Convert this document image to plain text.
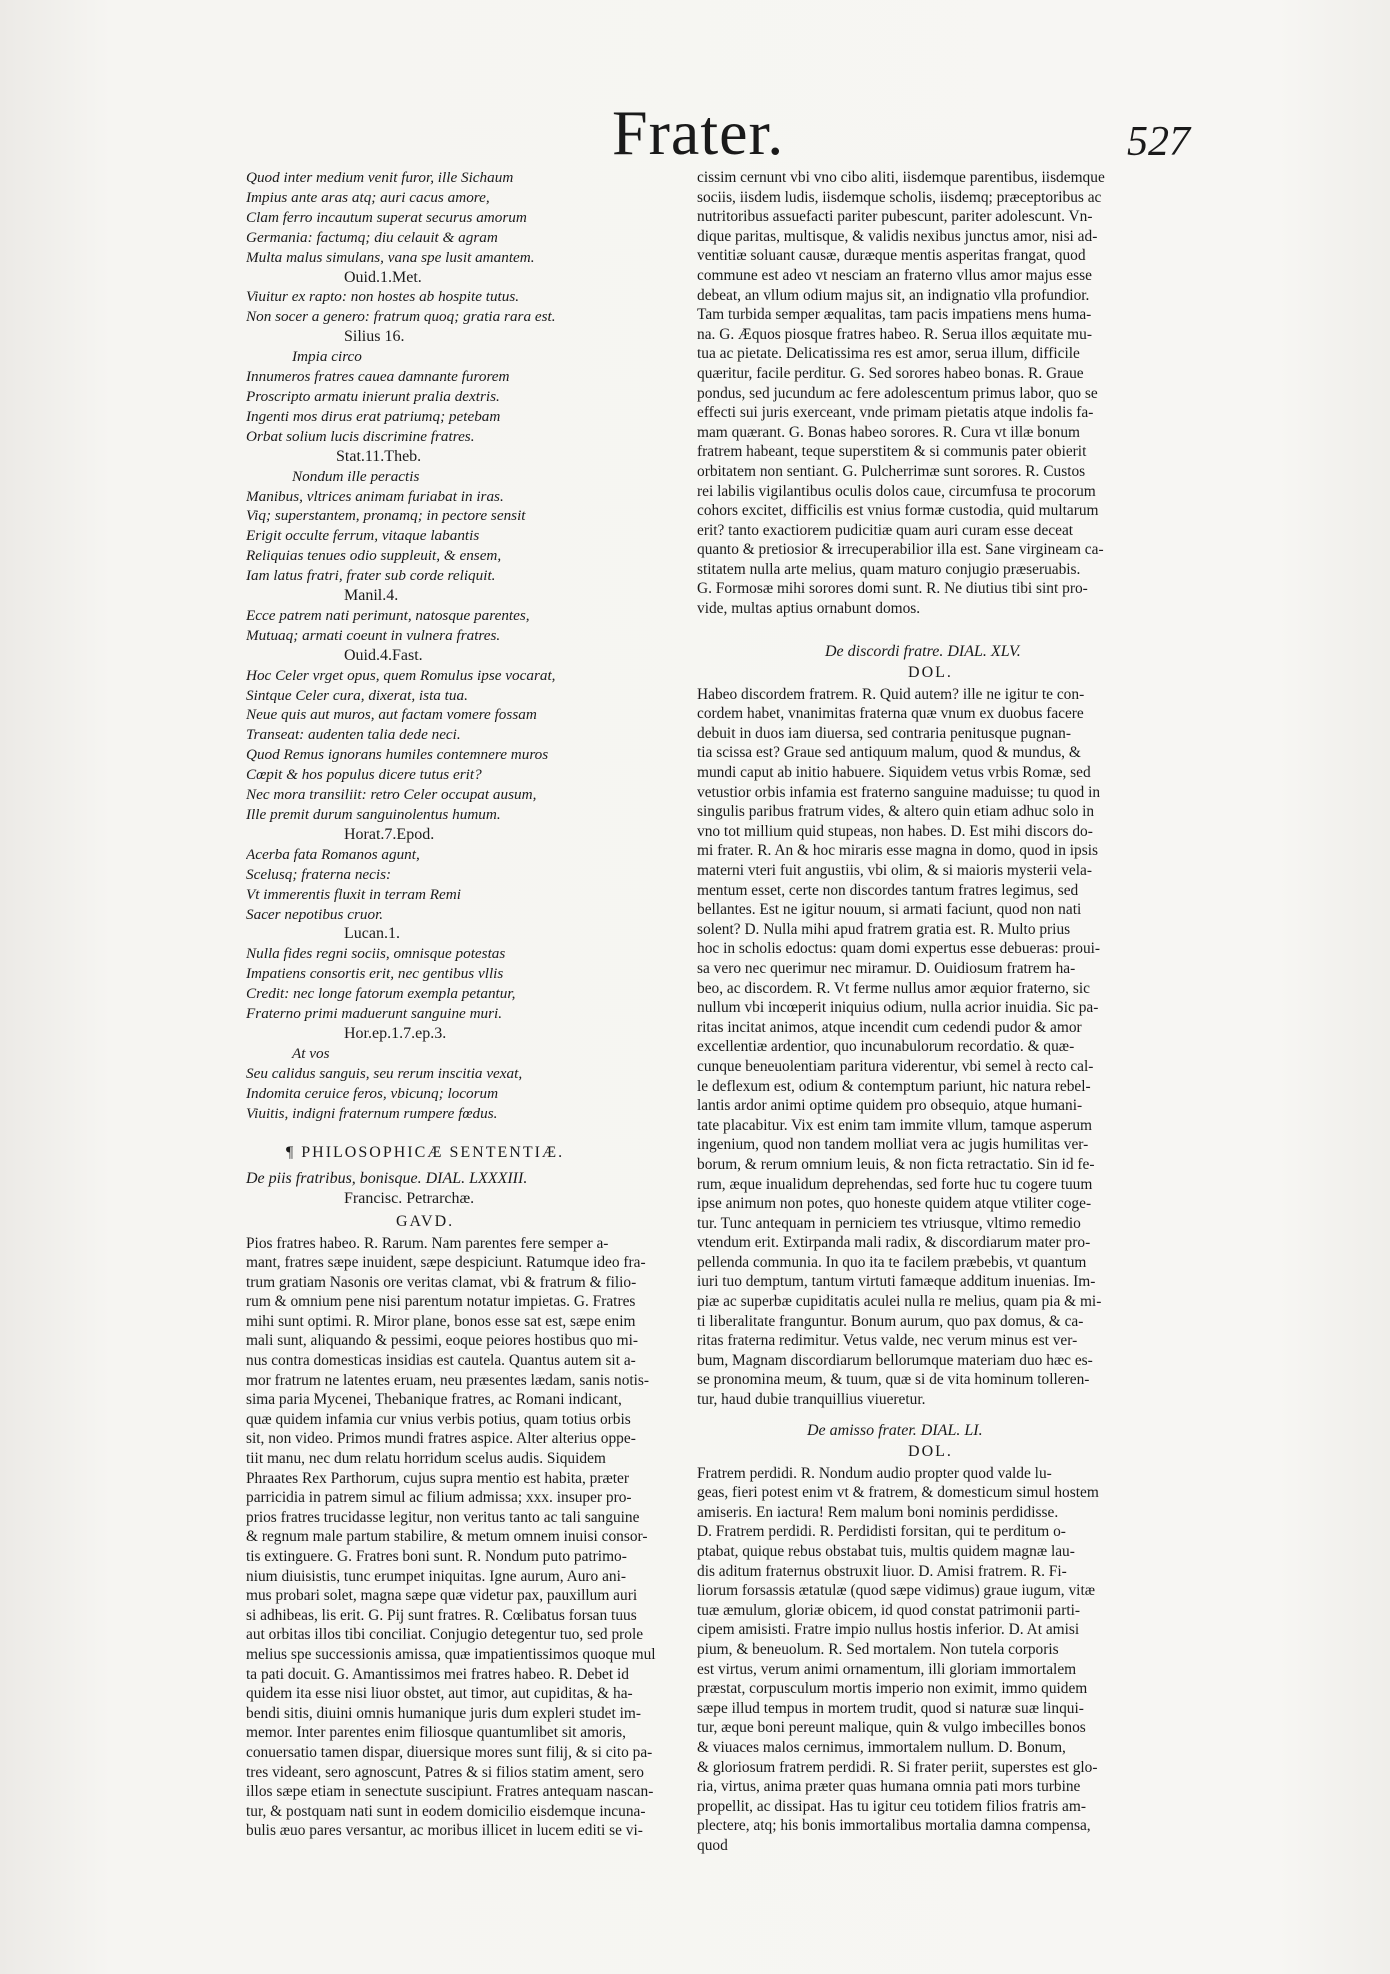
Frater.	527
Quod inter medium venit furor, ille Sichaum
Impius ante aras atq; auri cacus amore,
Clam ferro incautum superat securus amorum
Germania: factumq; diu celauit & agram
Multa malus simulans, vana spe lusit amantem.
Ouid.1.Met.
Viuitur ex rapto: non hostes ab hospite tutus.
Non socer a genero: fratrum quoq; gratia rara est.
Silius 16.
Impia circo
Innumeros fratres cauea damnante furorem
Proscripto armatu inierunt pralia dextris.
Ingenti mos dirus erat patriumq; petebam
Orbat solium lucis discrimine fratres.
Stat.11.Theb.
Nondum ille peractis
Manibus, vltrices animam furiabat in iras.
Viq; superstantem, pronamq; in pectore sensit
Erigit occulte ferrum, vitaque labantis
Reliquias tenues odio suppleuit, & ensem,
Iam latus fratri, frater sub corde reliquit.
Manil.4.
Ecce patrem nati perimunt, natosque parentes,
Mutuaq; armati coeunt in vulnera fratres.
Ouid.4.Fast.
Hoc Celer vrget opus, quem Romulus ipse vocarat,
Sintque Celer cura, dixerat, ista tua.
Neue quis aut muros, aut factam vomere fossam
Transeat: audenten talia dede neci.
Quod Remus ignorans humiles contemnere muros
Cœpit & hos populus dicere tutus erit?
Nec mora transiliit: retro Celer occupat ausum,
Ille premit durum sanguinolentus humum.
Horat.7.Epod.
Acerba fata Romanos agunt,
Scelusq; fraterna necis:
Vt immerentis fluxit in terram Remi
Sacer nepotibus cruor.
Lucan.1.
Nulla fides regni sociis, omnisque potestas
Impatiens consortis erit, nec gentibus vllis
Credit: nec longe fatorum exempla petantur,
Fraterno primi maduerunt sanguine muri.
Hor.ep.1.7.ep.3.
At vos
Seu calidus sanguis, seu rerum inscitia vexat,
Indomita ceruice feros, vbicunq; locorum
Viuitis, indigni fraternum rumpere fœdus.
¶ PHILOSOPHICÆ SENTENTIÆ.
De piis fratribus, bonisque. DIAL. LXXXIII.
Francisc. Petrarchæ.
GAVD.
Pios fratres habeo. R. Rarum. Nam parentes fere semper a-
mant, fratres sæpe inuident, sæpe despiciunt. Ratumque ideo fra-
trum gratiam Nasonis ore veritas clamat, vbi & fratrum & filio-
rum & omnium pene nisi parentum notatur impietas. G. Fratres
mihi sunt optimi. R. Miror plane, bonos esse sat est, sæpe enim
mali sunt, aliquando & pessimi, eoque peiores hostibus quo mi-
nus contra domesticas insidias est cautela. Quantus autem sit a-
mor fratrum ne latentes eruam, neu præsentes lædam, sanis notis-
sima paria Mycenei, Thebanique fratres, ac Romani indicant,
quæ quidem infamia cur vnius verbis potius, quam totius orbis
sit, non video. Primos mundi fratres aspice. Alter alterius oppe-
tiit manu, nec dum relatu horridum scelus audis. Siquidem
Phraates Rex Parthorum, cujus supra mentio est habita, præter
parricidia in patrem simul ac filium admissa; xxx. insuper pro-
prios fratres trucidasse legitur, non veritus tanto ac tali sanguine
& regnum male partum stabilire, & metum omnem inuisi consor-
tis extinguere. G. Fratres boni sunt. R. Nondum puto patrimo-
nium diuisistis, tunc erumpet iniquitas. Igne aurum, Auro ani-
mus probari solet, magna sæpe quæ videtur pax, pauxillum auri
si adhibeas, lis erit. G. Pij sunt fratres. R. Cœlibatus forsan tuus
aut orbitas illos tibi conciliat. Conjugio detegentur tuo, sed prole
melius spe successionis amissa, quæ impatientissimos quoque mul
ta pati docuit. G. Amantissimos mei fratres habeo. R. Debet id
quidem ita esse nisi liuor obstet, aut timor, aut cupiditas, & ha-
bendi sitis, diuini omnis humanique juris dum expleri studet im-
memor. Inter parentes enim filiosque quantumlibet sit amoris,
conuersatio tamen dispar, diuersique mores sunt filij, & si cito pa-
tres videant, sero agnoscunt, Patres & si filios statim ament, sero
illos sæpe etiam in senectute suscipiunt. Fratres antequam nascan-
tur, & postquam nati sunt in eodem domicilio eisdemque incuna-
bulis æuo pares versantur, ac moribus illicet in lucem editi se vi-
cissim cernunt vbi vno cibo aliti, iisdemque parentibus, iisdemque
sociis, iisdem ludis, iisdemque scholis, iisdemq; præceptoribus ac
nutritoribus assuefacti pariter pubescunt, pariter adolescunt. Vn-
dique paritas, multisque, & validis nexibus junctus amor, nisi ad-
ventitiæ soluant causæ, duræque mentis asperitas frangat, quod
commune est adeo vt nesciam an fraterno vllus amor majus esse
debeat, an vllum odium majus sit, an indignatio vlla profundior.
Tam turbida semper æqualitas, tam pacis impatiens mens huma-
na. G. Æquos piosque fratres habeo. R. Serua illos æquitate mu-
tua ac pietate. Delicatissima res est amor, serua illum, difficile
quæritur, facile perditur. G. Sed sorores habeo bonas. R. Graue
pondus, sed jucundum ac fere adolescentum primus labor, quo se
effecti sui juris exerceant, vnde primam pietatis atque indolis fa-
mam quærant. G. Bonas habeo sorores. R. Cura vt illæ bonum
fratrem habeant, teque superstitem & si communis pater obierit
orbitatem non sentiant. G. Pulcherrimæ sunt sorores. R. Custos
rei labilis vigilantibus oculis dolos caue, circumfusa te procorum
cohors excitet, difficilis est vnius formæ custodia, quid multarum
erit? tanto exactiorem pudicitiæ quam auri curam esse deceat
quanto & pretiosior & irrecuperabilior illa est. Sane virgineam ca-
stitatem nulla arte melius, quam maturo conjugio præseruabis.
G. Formosæ mihi sorores domi sunt. R. Ne diutius tibi sint pro-
vide, multas aptius ornabunt domos.
De discordi fratre. DIAL. XLV.
DOL.
Habeo discordem fratrem. R. Quid autem? ille ne igitur te con-
cordem habet, vnanimitas fraterna quæ vnum ex duobus facere
debuit in duos iam diuersa, sed contraria penitusque pugnan-
tia scissa est? Graue sed antiquum malum, quod & mundus, &
mundi caput ab initio habuere. Siquidem vetus vrbis Romæ, sed
vetustior orbis infamia est fraterno sanguine maduisse; tu quod in
singulis paribus fratrum vides, & altero quin etiam adhuc solo in
vno tot millium quid stupeas, non habes. D. Est mihi discors do-
mi frater. R. An & hoc miraris esse magna in domo, quod in ipsis
materni vteri fuit angustiis, vbi olim, & si maioris mysterii vela-
mentum esset, certe non discordes tantum fratres legimus, sed
bellantes. Est ne igitur nouum, si armati faciunt, quod non nati
solent? D. Nulla mihi apud fratrem gratia est. R. Multo prius
hoc in scholis edoctus: quam domi expertus esse debueras: proui-
sa vero nec querimur nec miramur. D. Ouidiosum fratrem ha-
beo, ac discordem. R. Vt ferme nullus amor æquior fraterno, sic
nullum vbi incœperit iniquius odium, nulla acrior inuidia. Sic pa-
ritas incitat animos, atque incendit cum cedendi pudor & amor
excellentiæ ardentior, quo incunabulorum recordatio. & quæ-
cunque beneuolentiam paritura viderentur, vbi semel à recto cal-
le deflexum est, odium & contemptum pariunt, hic natura rebel-
lantis ardor animi optime quidem pro obsequio, atque humani-
tate placabitur. Vix est enim tam immite vllum, tamque asperum
ingenium, quod non tandem molliat vera ac jugis humilitas ver-
borum, & rerum omnium leuis, & non ficta retractatio. Sin id fe-
rum, æque inualidum deprehendas, sed forte huc tu cogere tuum
ipse animum non potes, quo honeste quidem atque vtiliter coge-
tur. Tunc antequam in perniciem tes vtriusque, vltimo remedio
vtendum erit. Extirpanda mali radix, & discordiarum mater pro-
pellenda communia. In quo ita te facilem præbebis, vt quantum
iuri tuo demptum, tantum virtuti famæque additum inuenias. Im-
piæ ac superbæ cupiditatis aculei nulla re melius, quam pia & mi-
ti liberalitate franguntur. Bonum aurum, quo pax domus, & ca-
ritas fraterna redimitur. Vetus valde, nec verum minus est ver-
bum, Magnam discordiarum bellorumque materiam duo hæc es-
se pronomina meum, & tuum, quæ si de vita hominum tolleren-
tur, haud dubie tranquillius viueretur.
De amisso frater. DIAL. LI.
DOL.
Fratrem perdidi. R. Nondum audio propter quod valde lu-
geas, fieri potest enim vt & fratrem, & domesticum simul hostem
amiseris. En iactura! Rem malum boni nominis perdidisse.
D. Fratrem perdidi. R. Perdidisti forsitan, qui te perditum o-
ptabat, quique rebus obstabat tuis, multis quidem magnæ lau-
dis aditum fraternus obstruxit liuor. D. Amisi fratrem. R. Fi-
liorum forsassis ætatulæ (quod sæpe vidimus) graue iugum, vitæ
tuæ æmulum, gloriæ obicem, id quod constat patrimonii parti-
cipem amisisti. Fratre impio nullus hostis inferior. D. At amisi
pium, & beneuolum. R. Sed mortalem. Non tutela corporis
est virtus, verum animi ornamentum, illi gloriam immortalem
præstat, corpusculum mortis imperio non eximit, immo quidem
sæpe illud tempus in mortem trudit, quod si naturæ suæ linqui-
tur, æque boni pereunt malique, quin & vulgo imbecilles bonos
& viuaces malos cernimus, immortalem nullum. D. Bonum,
& gloriosum fratrem perdidi. R. Si frater periit, superstes est glo-
ria, virtus, anima præter quas humana omnia pati mors turbine
propellit, ac dissipat. Has tu igitur ceu totidem filios fratris am-
plectere, atq; his bonis immortalibus mortalia damna compensa,
quod
